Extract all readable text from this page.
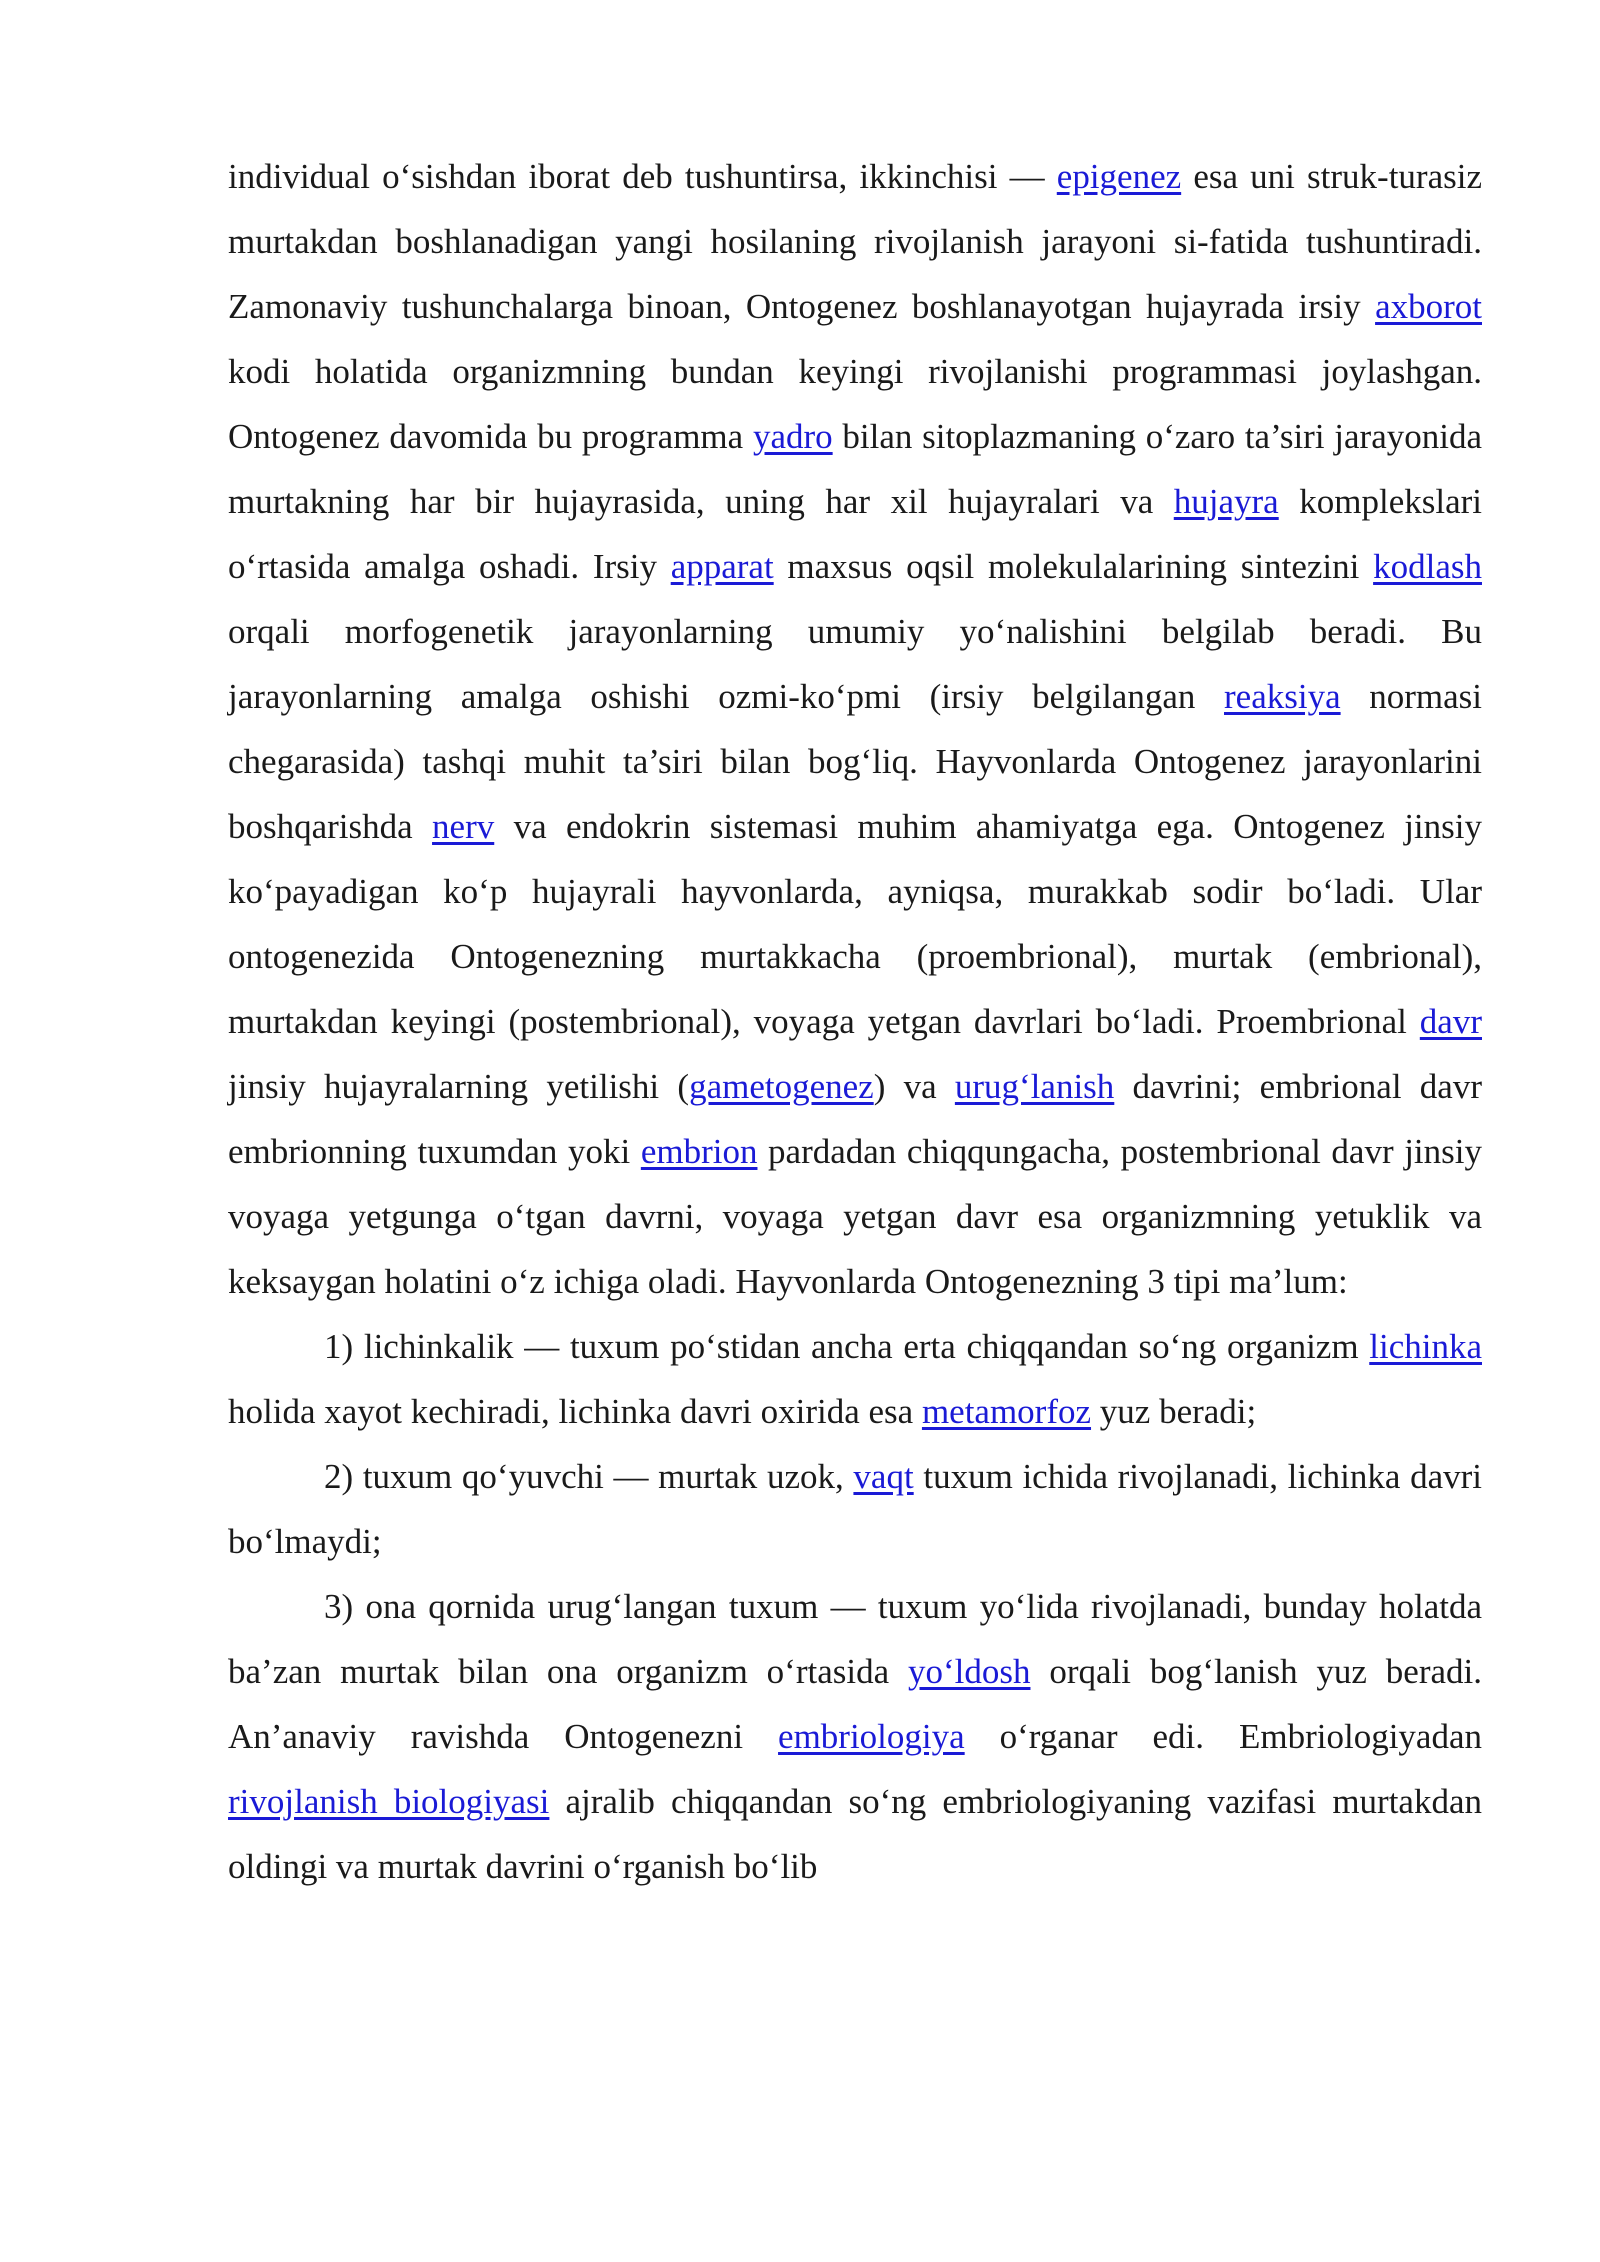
individual o‘sishdan iborat deb tushuntirsa, ikkinchisi — epigenez esa uni struk-turasiz murtakdan boshlanadigan yangi hosilaning rivojlanish jarayoni si-fatida tushuntiradi. Zamonaviy tushunchalarga binoan, Ontogenez boshlanayotgan hujayrada irsiy axborot kodi holatida organizmning bundan keyingi rivojlanishi programmasi joylashgan. Ontogenez davomida bu programma yadro bilan sitoplazmaning o‘zaro ta’siri jarayonida murtakning har bir hujayrasida, uning har xil hujayralari va hujayra komplekslari o‘rtasida amalga oshadi. Irsiy apparat maxsus oqsil molekulalarining sintezini kodlash orqali morfogenetik jarayonlarning umumiy yo‘nalishini belgilab beradi. Bu jarayonlarning amalga oshishi ozmi-ko‘pmi (irsiy belgilangan reaksiya normasi chegarasida) tashqi muhit ta’siri bilan bog‘liq. Hayvonlarda Ontogenez jarayonlarini boshqarishda nerv va endokrin sistemasi muhim ahamiyatga ega. Ontogenez jinsiy ko‘payadigan ko‘p hujayrali hayvonlarda, ayniqsa, murakkab sodir bo‘ladi. Ular ontogenezida Ontogenezning murtakkacha (proembrional), murtak (embrional), murtakdan keyingi (postembrional), voyaga yetgan davrlari bo‘ladi. Proembrional davr jinsiy hujayralarning yetilishi (gametogenez) va urug‘lanish davrini; embrional davr embrionning tuxumdan yoki embrion pardadan chiqqungacha, postembrional davr jinsiy voyaga yetgunga o‘tgan davrni, voyaga yetgan davr esa organizmning yetuklik va keksaygan holatini o‘z ichiga oladi. Hayvonlarda Ontogenezning 3 tipi ma’lum:

1) lichinkalik — tuxum po‘stidan ancha erta chiqqandan so‘ng organizm lichinka holida xayot kechiradi, lichinka davri oxirida esa metamorfoz yuz beradi;

2) tuxum qo‘yuvchi — murtak uzok, vaqt tuxum ichida rivojlanadi, lichinka davri bo‘lmaydi;

3) ona qornida urug‘langan tuxum — tuxum yo‘lida rivojlanadi, bunday holatda ba’zan murtak bilan ona organizm o‘rtasida yo‘ldosh orqali bog‘lanish yuz beradi. An’anaviy ravishda Ontogenezni embriologiya o‘rganar edi. Embriologiyadan rivojlanish biologiyasi ajralib chiqqandan so‘ng embriologiyaning vazifasi murtakdan oldingi va murtak davrini o‘rganish bo‘lib
